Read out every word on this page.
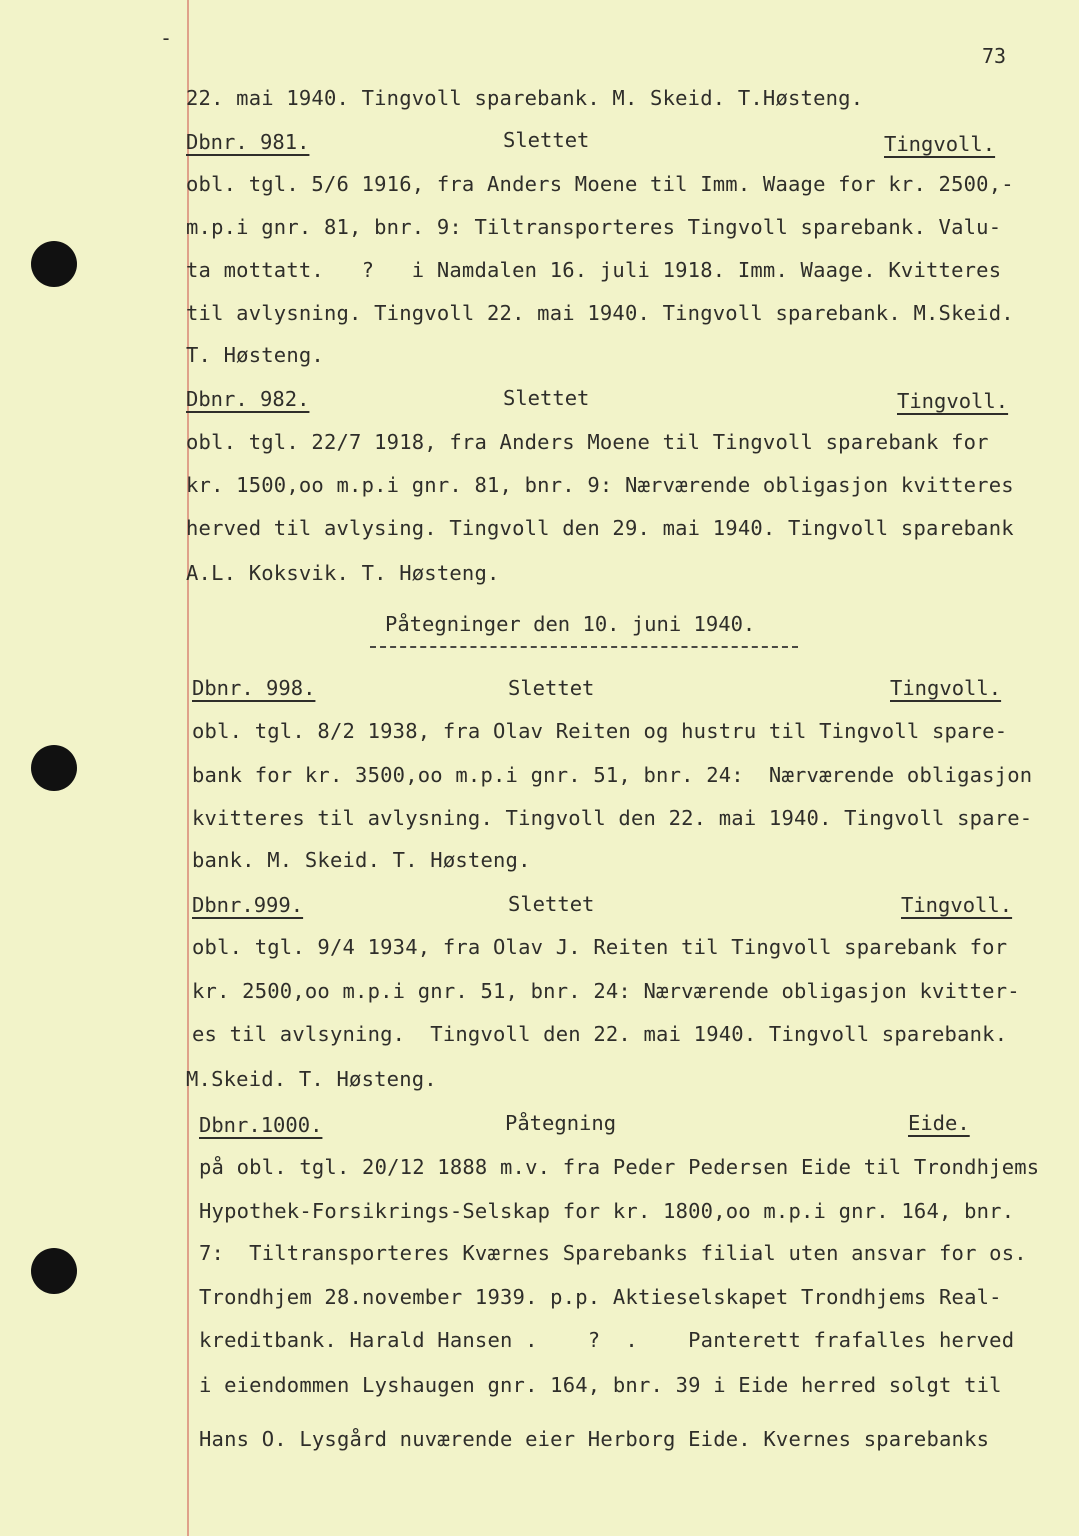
-
73
22. mai 1940. Tingvoll sparebank. M. Skeid. T.Høsteng.
Dbnr. 981.	Slettet	Tingvoll.
obl. tgl. 5/6 1916, fra Anders Moene til Imm. Waage for kr. 2500,-
m.p.i gnr. 81, bnr. 9: Tiltransporteres Tingvoll sparebank. Valu-
ta mottatt.   ?   i Namdalen 16. juli 1918. Imm. Waage. Kvitteres
til avlysning. Tingvoll 22. mai 1940. Tingvoll sparebank. M.Skeid.
T. Høsteng.
Dbnr. 982.	Slettet	Tingvoll.
obl. tgl. 22/7 1918, fra Anders Moene til Tingvoll sparebank for
kr. 1500,oo m.p.i gnr. 81, bnr. 9: Nærværende obligasjon kvitteres
herved til avlysing. Tingvoll den 29. mai 1940. Tingvoll sparebank
A.L. Koksvik. T. Høsteng.
Påtegninger den 10. juni 1940.
Dbnr. 998.	Slettet	Tingvoll.
obl. tgl. 8/2 1938, fra Olav Reiten og hustru til Tingvoll spare-
bank for kr. 3500,oo m.p.i gnr. 51, bnr. 24:  Nærværende obligasjon
kvitteres til avlysning. Tingvoll den 22. mai 1940. Tingvoll spare-
bank. M. Skeid. T. Høsteng.
Dbnr.999.	Slettet	Tingvoll.
obl. tgl. 9/4 1934, fra Olav J. Reiten til Tingvoll sparebank for
kr. 2500,oo m.p.i gnr. 51, bnr. 24: Nærværende obligasjon kvitter-
es til avlsyning.  Tingvoll den 22. mai 1940. Tingvoll sparebank.
M.Skeid. T. Høsteng.
Dbnr.1000.	Påtegning	Eide.
på obl. tgl. 20/12 1888 m.v. fra Peder Pedersen Eide til Trondhjems
Hypothek-Forsikrings-Selskap for kr. 1800,oo m.p.i gnr. 164, bnr.
7:  Tiltransporteres Kværnes Sparebanks filial uten ansvar for os.
Trondhjem 28.november 1939. p.p. Aktieselskapet Trondhjems Real-
kreditbank. Harald Hansen .    ?  .    Panterett frafalles herved
i eiendommen Lyshaugen gnr. 164, bnr. 39 i Eide herred solgt til
Hans O. Lysgård nuværende eier Herborg Eide. Kvernes sparebanks
